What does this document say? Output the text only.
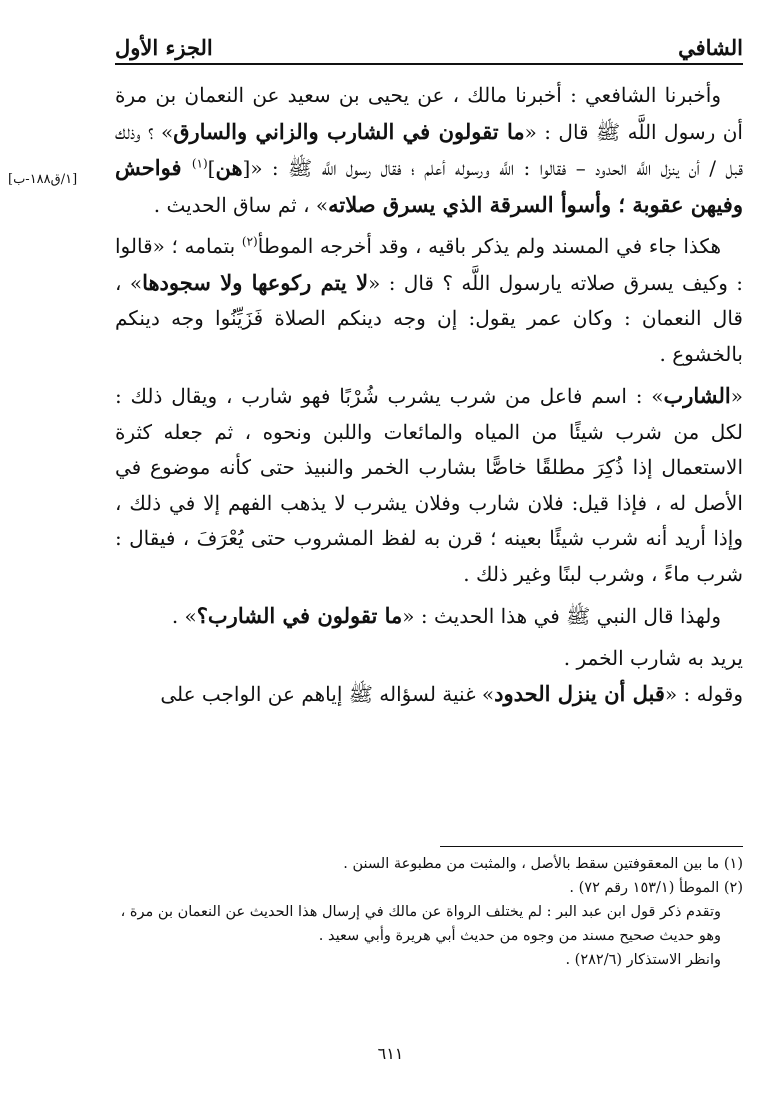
الشافي
الجزء الأول
[١/ق١٨٨-ب]

وأخبرنا الشافعي : أخبرنا مالك ، عن يحيى بن سعيد عن النعمان بن مرة أن رسول اللَّه ﷺ قال : «ما تقولون في الشارب والزاني والسارق» ؟ وذلك قبل / أن ينزل اللَّه الحدود – فقالوا : اللَّه ورسوله أعلم ؛ فقال رسول اللَّه ﷺ : «[هن]$^{(١)}$ فواحش وفيهن عقوبة ؛ وأسوأ السرقة الذي يسرق صلاته» ، ثم ساق الحديث .

هكذا جاء في المسند ولم يذكر باقيه ، وقد أخرجه الموطأ$^{(٢)}$ بتمامه ؛ «قالوا : وكيف يسرق صلاته يارسول اللَّه ؟ قال : «لا يتم ركوعها ولا سجودها» ، قال النعمان : وكان عمر يقول: إن وجه دينكم الصلاة فَزَيِّنُوا وجه دينكم بالخشوع .

«الشارب» : اسم فاعل من شرب يشرب شُرْبًا فهو شارب ، ويقال ذلك : لكل من شرب شيئًا من المياه والمائعات واللبن ونحوه ، ثم جعله كثرة الاستعمال إذا ذُكِرَ مطلقًا خاصًّا بشارب الخمر والنبيذ حتى كأنه موضوع في الأصل له ، فإذا قيل: فلان شارب وفلان يشرب لا يذهب الفهم إلا في ذلك ، وإذا أريد أنه شرب شيئًا بعينه ؛ قرن به لفظ المشروب حتى يُعْرَفَ ، فيقال : شرب ماءً ، وشرب لبنًا وغير ذلك .

ولهذا قال النبي ﷺ في هذا الحديث : «ما تقولون في الشارب؟» .

يريد به شارب الخمر .

وقوله : «قبل أن ينزل الحدود» غنية لسؤاله ﷺ إياهم عن الواجب على

(١) ما بين المعقوفتين سقط بالأصل ، والمثبت من مطبوعة السنن .

(٢) الموطأ (١٥٣/١ رقم ٧٢) .

وتقدم ذكر قول ابن عبد البر : لم يختلف الرواة عن مالك في إرسال هذا الحديث عن النعمان بن مرة ، وهو حديث صحيح مسند من وجوه من حديث أبي هريرة وأبي سعيد .

وانظر الاستذكار (٢٨٢/٦) .

٦١١
